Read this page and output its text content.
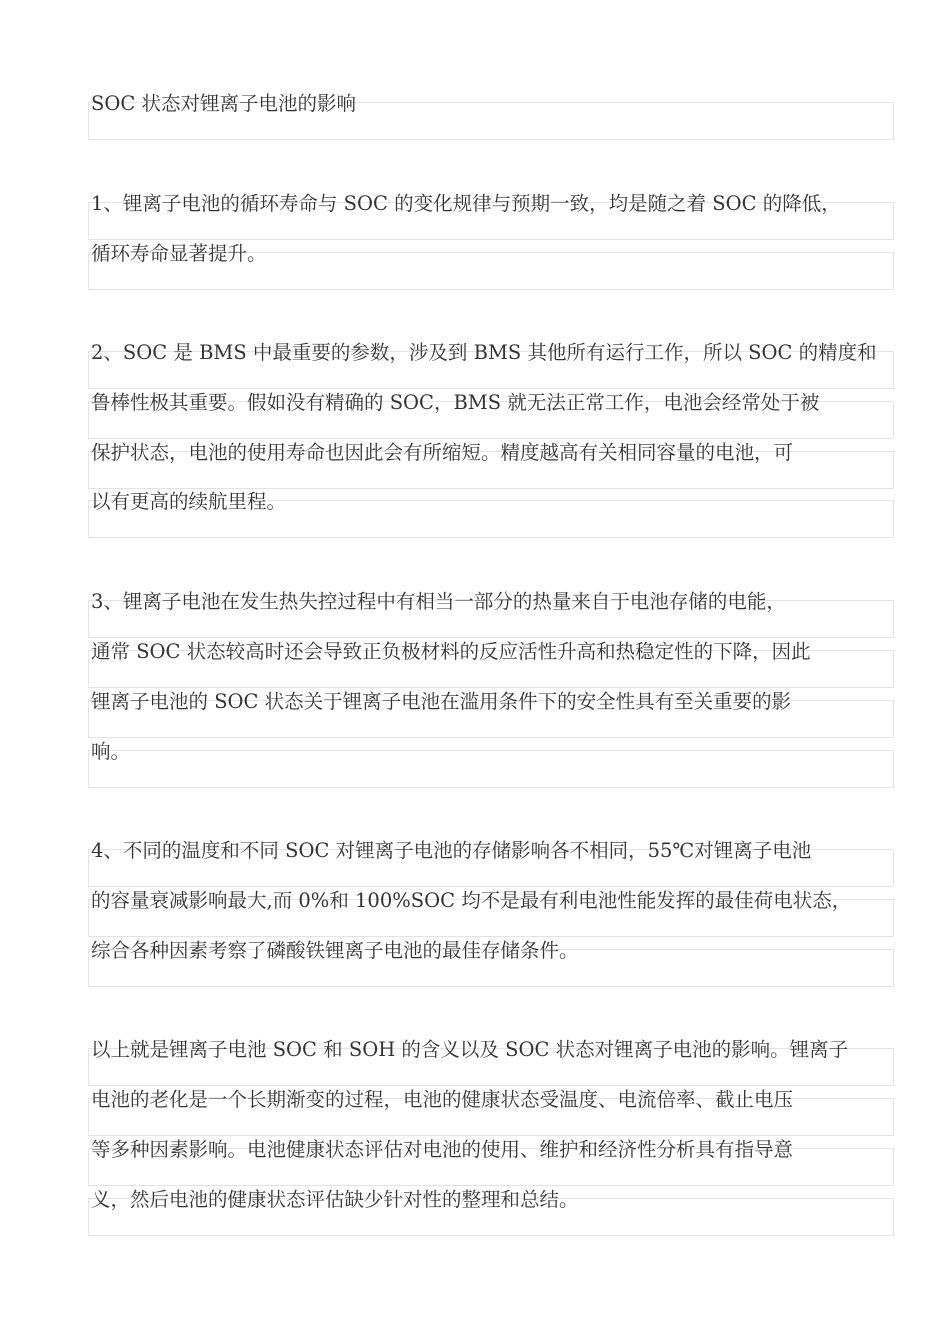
SOC 状态对锂离子电池的影响
1、锂离子电池的循环寿命与 SOC 的变化规律与预期一致，均是随之着 SOC 的降低，
循环寿命显著提升。
2、SOC 是 BMS 中最重要的参数，涉及到 BMS 其他所有运行工作，所以 SOC 的精度和
鲁棒性极其重要。假如没有精确的 SOC，BMS 就无法正常工作，电池会经常处于被
保护状态，电池的使用寿命也因此会有所缩短。精度越高有关相同容量的电池，可
以有更高的续航里程。
3、锂离子电池在发生热失控过程中有相当一部分的热量来自于电池存储的电能，
通常 SOC 状态较高时还会导致正负极材料的反应活性升高和热稳定性的下降，因此
锂离子电池的 SOC 状态关于锂离子电池在滥用条件下的安全性具有至关重要的影
响。
4、不同的温度和不同 SOC 对锂离子电池的存储影响各不相同，55℃对锂离子电池
的容量衰减影响最大,而 0%和 100%SOC 均不是最有利电池性能发挥的最佳荷电状态，
综合各种因素考察了磷酸铁锂离子电池的最佳存储条件。
以上就是锂离子电池 SOC 和 SOH 的含义以及 SOC 状态对锂离子电池的影响。锂离子
电池的老化是一个长期渐变的过程，电池的健康状态受温度、电流倍率、截止电压
等多种因素影响。电池健康状态评估对电池的使用、维护和经济性分析具有指导意
义，然后电池的健康状态评估缺少针对性的整理和总结。
